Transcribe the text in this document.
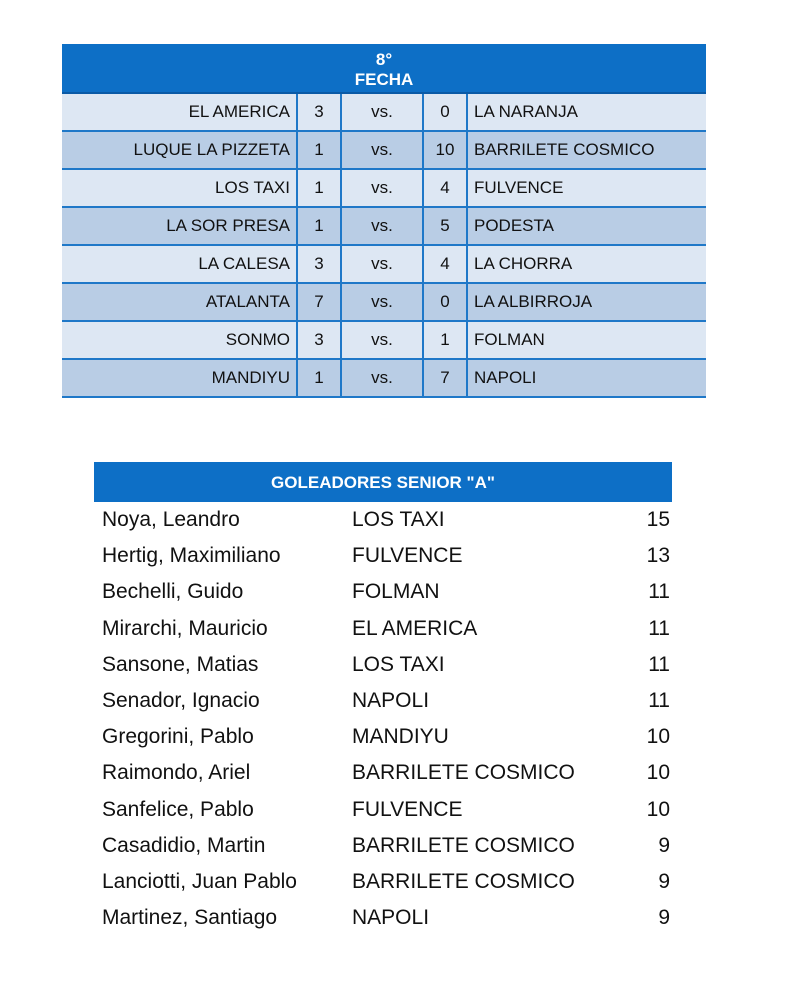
8°
FECHA
EL AMERICA	3	vs.	0	LA NARANJA
LUQUE LA PIZZETA	1	vs.	10	BARRILETE COSMICO
LOS TAXI	1	vs.	4	FULVENCE
LA SOR PRESA	1	vs.	5	PODESTA
LA CALESA	3	vs.	4	LA CHORRA
ATALANTA	7	vs.	0	LA ALBIRROJA
SONMO	3	vs.	1	FOLMAN
MANDIYU	1	vs.	7	NAPOLI
GOLEADORES SENIOR "A"
Noya, Leandro	LOS TAXI	15
Hertig, Maximiliano	FULVENCE	13
Bechelli, Guido	FOLMAN	11
Mirarchi, Mauricio	EL AMERICA	11
Sansone, Matias	LOS TAXI	11
Senador, Ignacio	NAPOLI	11
Gregorini, Pablo	MANDIYU	10
Raimondo, Ariel	BARRILETE COSMICO	10
Sanfelice, Pablo	FULVENCE	10
Casadidio, Martin	BARRILETE COSMICO	9
Lanciotti, Juan Pablo	BARRILETE COSMICO	9
Martinez, Santiago	NAPOLI	9
